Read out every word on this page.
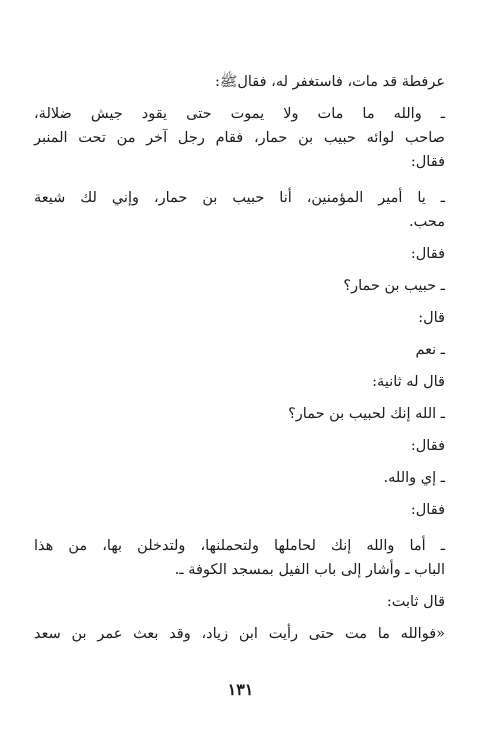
عرفطة قد مات، فاستغفر له، فقالﷺ:
ـ والله ما مات ولا يموت حتى يقود جيش ضلالة،
صاحب لوائه حبيب بن حمار، فقام رجل آخر من تحت المنبر
فقال:
ـ يا أمير المؤمنين، أنا حبيب بن حمار، وإني لك شيعة
محب.
فقال:
ـ حبيب بن حمار؟
قال:
ـ نعم
قال له ثانية:
ـ الله إنك لحبيب بن حمار؟
فقال:
ـ إي والله.
فقال:
ـ أما والله إنك لحاملها ولتحملنها، ولتدخلن بها، من هذا
الباب ـ وأشار إلى باب الفيل بمسجد الكوفة ـ.
قال ثابت:
«فوالله ما مت حتى رأيت ابن زياد، وقد بعث عمر بن سعد
١٣١
